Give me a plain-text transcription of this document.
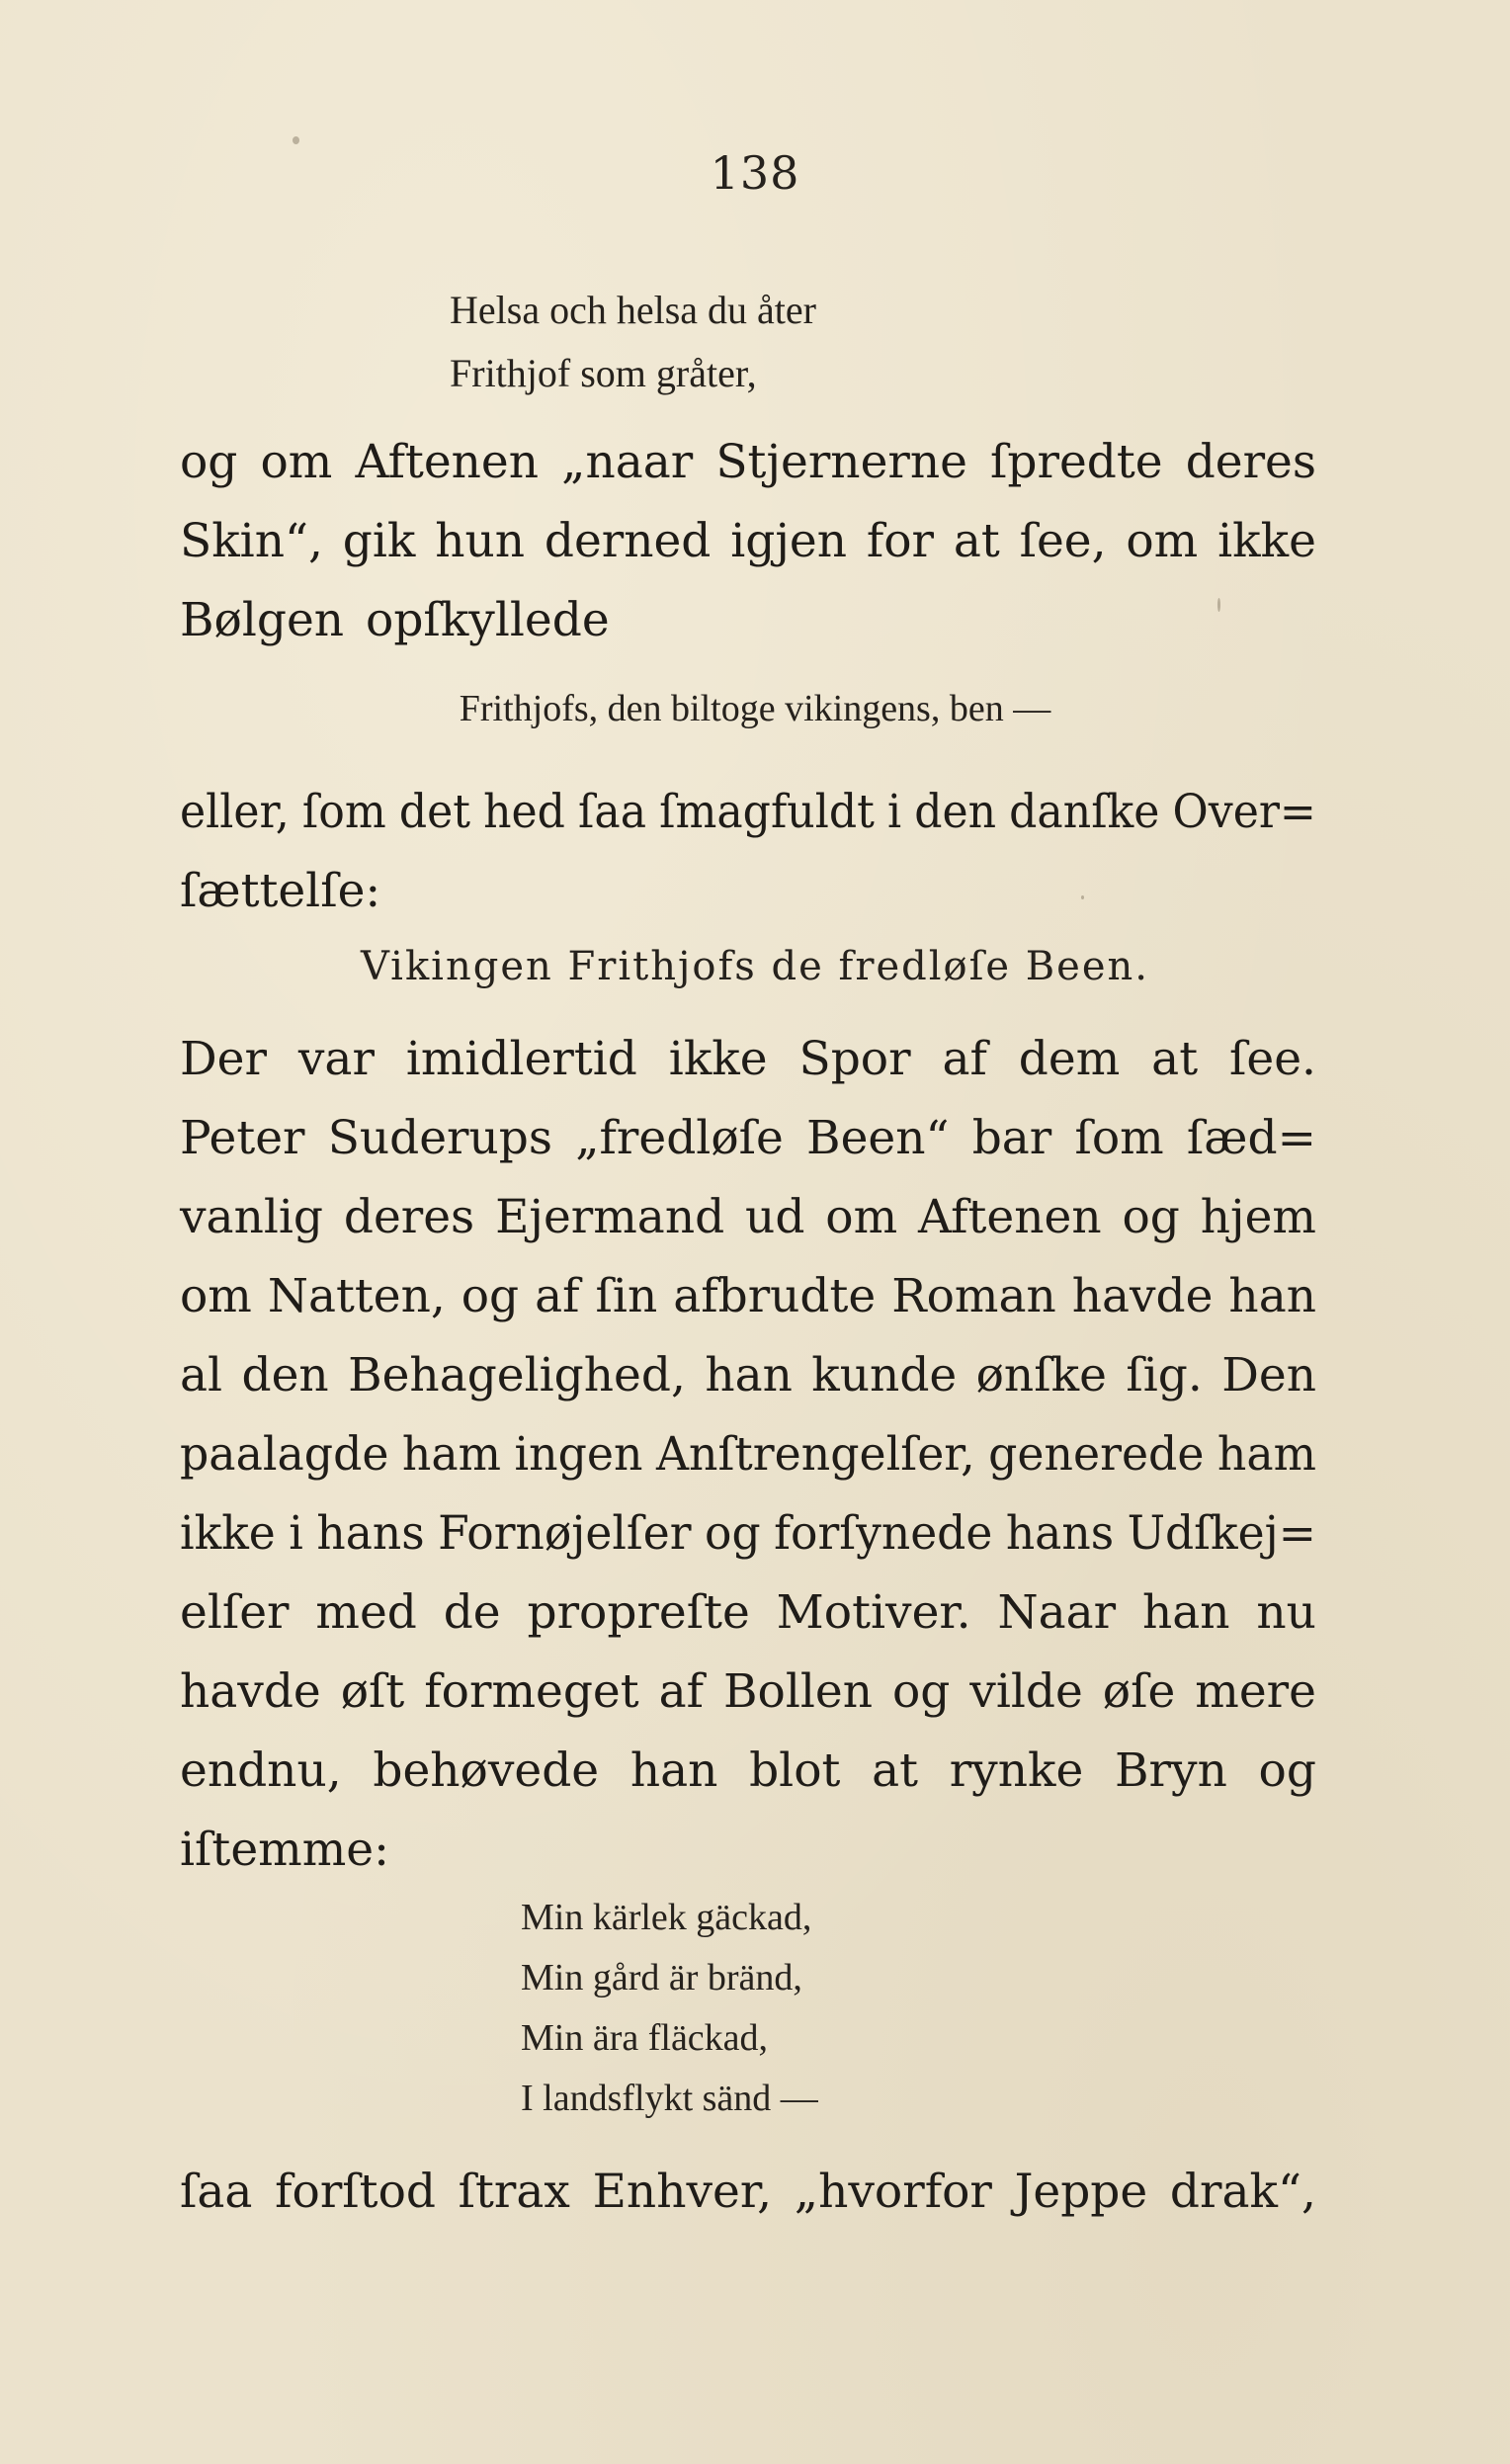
138
Helsa och helsa du åter
Frithjof som gråter,
og om Aftenen „naar Stjernerne ſpredte deres
Skin“, gik hun derned igjen for at ſee, om ikke
Bølgen opſkyllede
Frithjofs, den biltoge vikingens, ben —
eller, ſom det hed ſaa ſmagfuldt i den danſke Over=
ſættelſe:
Vikingen Frithjofs de fredløſe Been.
Der var imidlertid ikke Spor af dem at ſee.
Peter Suderups „fredløſe Been“ bar ſom ſæd=
vanlig deres Ejermand ud om Aftenen og hjem
om Natten, og af ſin afbrudte Roman havde han
al den Behagelighed, han kunde ønſke ſig. Den
paalagde ham ingen Anſtrengelſer, generede ham
ikke i hans Fornøjelſer og forſynede hans Udſkej=
elſer med de propreſte Motiver. Naar han nu
havde øſt formeget af Bollen og vilde øſe mere
endnu, behøvede han blot at rynke Bryn og
iſtemme:
Min kärlek gäckad,
Min gård är bränd,
Min ära fläckad,
I landsflykt sänd —
ſaa forſtod ſtrax Enhver, „hvorfor Jeppe drak“,
